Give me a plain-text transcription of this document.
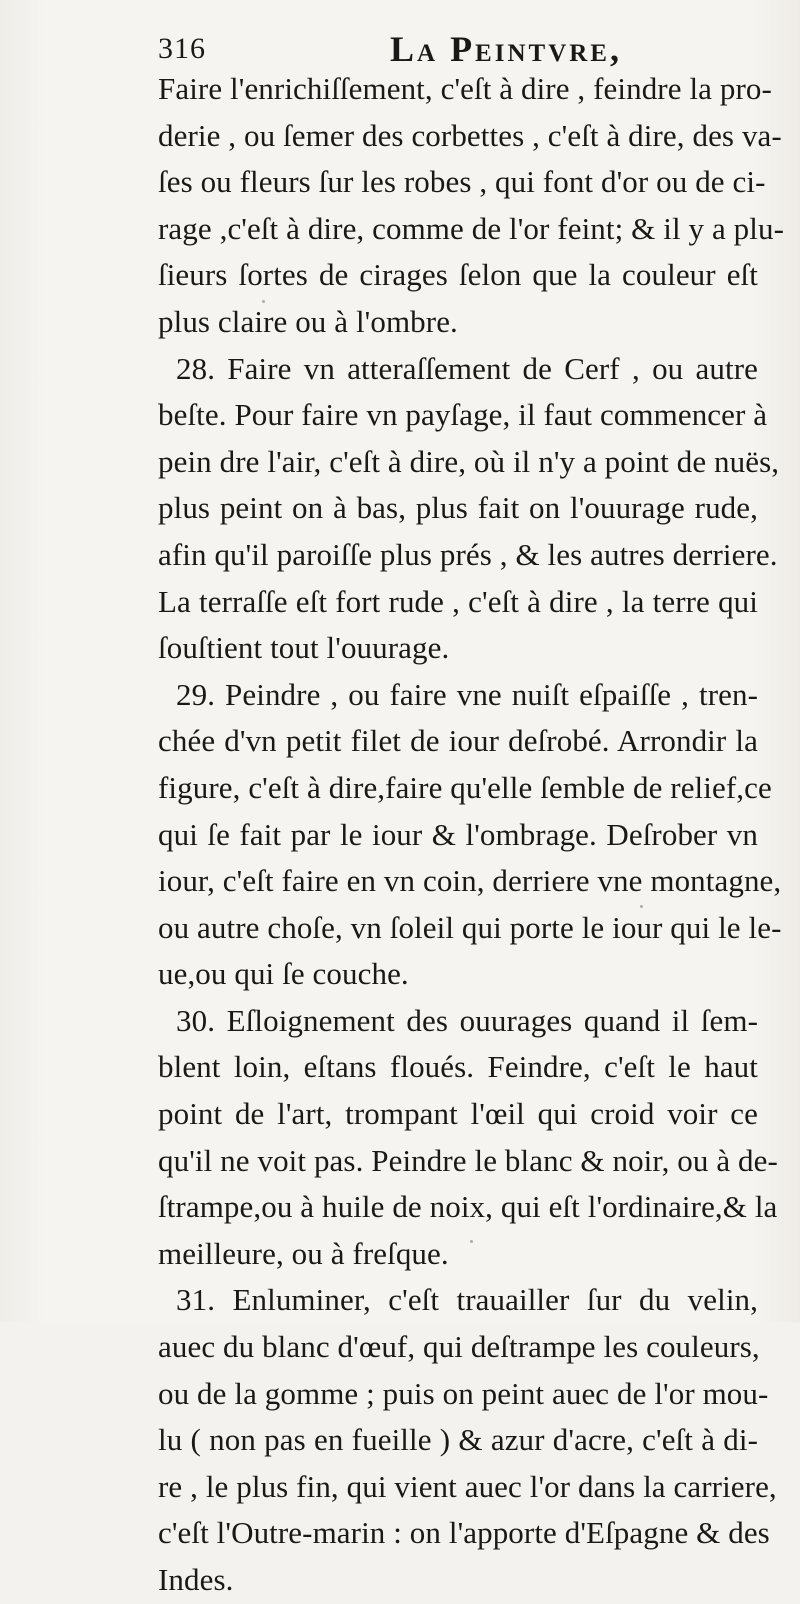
316	La Peintvre,
Faire l'enrichiſſement, c'eſt à dire , feindre la pro-
derie , ou ſemer des corbettes , c'eſt à dire, des va-
ſes ou fleurs ſur les robes , qui font d'or ou de ci-
rage ,c'eſt à dire, comme de l'or feint; & il y a plu-
ſieurs ſortes de cirages ſelon que la couleur eſt
plus claire ou à l'ombre.
28. Faire vn atteraſſement de Cerf , ou autre
beſte. Pour faire vn payſage, il faut commencer à
pein dre l'air, c'eſt à dire, où il n'y a point de nuës,
plus peint on à bas, plus fait on l'ouurage rude,
afin qu'il paroiſſe plus prés , & les autres derriere.
La terraſſe eſt fort rude , c'eſt à dire , la terre qui
ſouſtient tout l'ouurage.
29. Peindre , ou faire vne nuiſt eſpaiſſe , tren-
chée d'vn petit filet de iour deſrobé. Arrondir la
figure, c'eſt à dire,faire qu'elle ſemble de relief,ce
qui ſe fait par le iour & l'ombrage. Deſrober vn
iour, c'eſt faire en vn coin, derriere vne montagne,
ou autre choſe, vn ſoleil qui porte le iour qui le le-
ue,ou qui ſe couche.
30. Eſloignement des ouurages quand il ſem-
blent loin, eſtans floués. Feindre, c'eſt le haut
point de l'art, trompant l'œil qui croid voir ce
qu'il ne voit pas. Peindre le blanc & noir, ou à de-
ſtrampe,ou à huile de noix, qui eſt l'ordinaire,& la
meilleure, ou à freſque.
31. Enluminer, c'eſt trauailler ſur du velin,
auec du blanc d'œuf, qui deſtrampe les couleurs,
ou de la gomme ; puis on peint auec de l'or mou-
lu ( non pas en fueille ) & azur d'acre, c'eſt à di-
re , le plus fin, qui vient auec l'or dans la carriere,
c'eſt l'Outre-marin : on l'apporte d'Eſpagne & des
Indes.
